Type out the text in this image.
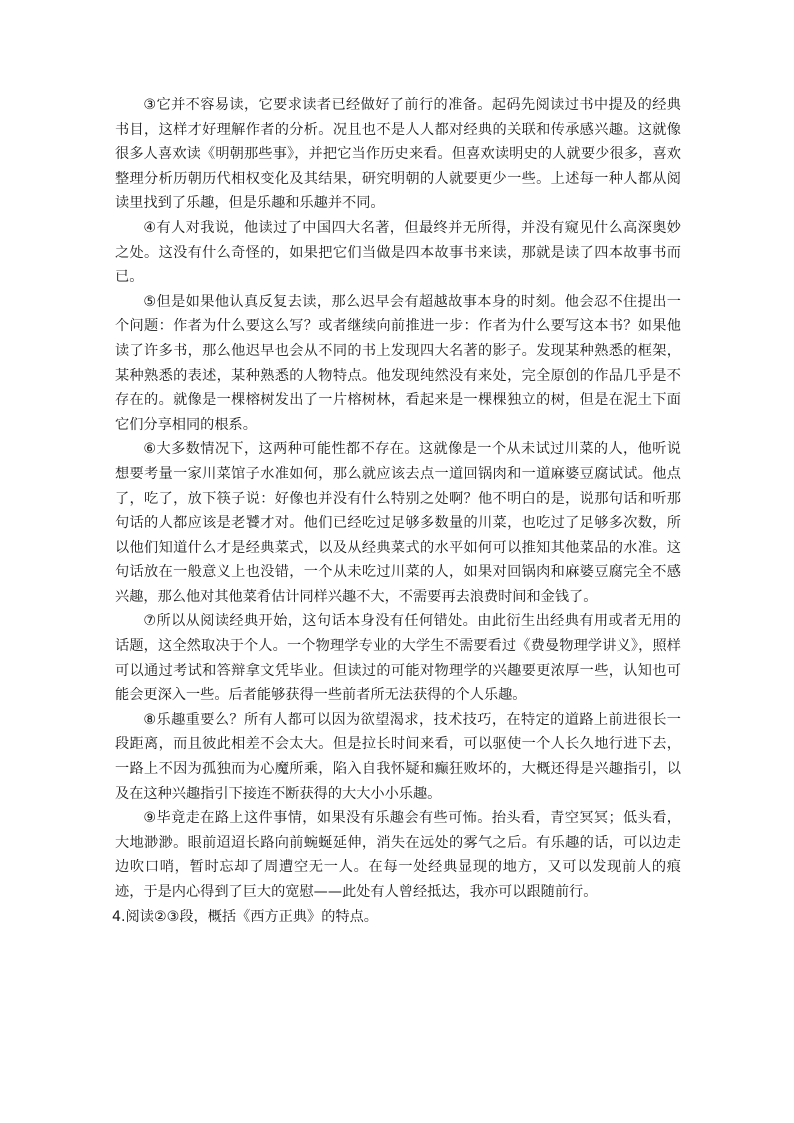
③它并不容易读，它要求读者已经做好了前行的准备。起码先阅读过书中提及的经典书目，这样才好理解作者的分析。况且也不是人人都对经典的关联和传承感兴趣。这就像很多人喜欢读《明朝那些事》，并把它当作历史来看。但喜欢读明史的人就要少很多，喜欢整理分析历朝历代相权变化及其结果，研究明朝的人就要更少一些。上述每一种人都从阅读里找到了乐趣，但是乐趣和乐趣并不同。

④有人对我说，他读过了中国四大名著，但最终并无所得，并没有窥见什么高深奥妙之处。这没有什么奇怪的，如果把它们当做是四本故事书来读，那就是读了四本故事书而已。

⑤但是如果他认真反复去读，那么迟早会有超越故事本身的时刻。他会忍不住提出一个问题：作者为什么要这么写？或者继续向前推进一步：作者为什么要写这本书？如果他读了许多书，那么他迟早也会从不同的书上发现四大名著的影子。发现某种熟悉的框架，某种熟悉的表述，某种熟悉的人物特点。他发现纯然没有来处，完全原创的作品几乎是不存在的。就像是一棵榕树发出了一片榕树林，看起来是一棵棵独立的树，但是在泥土下面它们分享相同的根系。

⑥大多数情况下，这两种可能性都不存在。这就像是一个从未试过川菜的人，他听说想要考量一家川菜馆子水准如何，那么就应该去点一道回锅肉和一道麻婆豆腐试试。他点了，吃了，放下筷子说：好像也并没有什么特别之处啊？他不明白的是，说那句话和听那句话的人都应该是老饕才对。他们已经吃过足够多数量的川菜，也吃过了足够多次数，所以他们知道什么才是经典菜式，以及从经典菜式的水平如何可以推知其他菜品的水准。这句话放在一般意义上也没错，一个从未吃过川菜的人，如果对回锅肉和麻婆豆腐完全不感兴趣，那么他对其他菜肴估计同样兴趣不大，不需要再去浪费时间和金钱了。

⑦所以从阅读经典开始，这句话本身没有任何错处。由此衍生出经典有用或者无用的话题，这全然取决于个人。一个物理学专业的大学生不需要看过《费曼物理学讲义》，照样可以通过考试和答辩拿文凭毕业。但读过的可能对物理学的兴趣要更浓厚一些，认知也可能会更深入一些。后者能够获得一些前者所无法获得的个人乐趣。

⑧乐趣重要么？所有人都可以因为欲望渴求，技术技巧，在特定的道路上前进很长一段距离，而且彼此相差不会太大。但是拉长时间来看，可以驱使一个人长久地行进下去，一路上不因为孤独而为心魔所乘，陷入自我怀疑和癫狂败坏的，大概还得是兴趣指引，以及在这种兴趣指引下接连不断获得的大大小小乐趣。

⑨毕竟走在路上这件事情，如果没有乐趣会有些可怖。抬头看，青空冥冥；低头看，大地渺渺。眼前迢迢长路向前蜿蜒延伸，消失在远处的雾气之后。有乐趣的话，可以边走边吹口哨，暂时忘却了周遭空无一人。在每一处经典显现的地方，又可以发现前人的痕迹，于是内心得到了巨大的宽慰——此处有人曾经抵达，我亦可以跟随前行。

4.阅读②③段，概括《西方正典》的特点。
